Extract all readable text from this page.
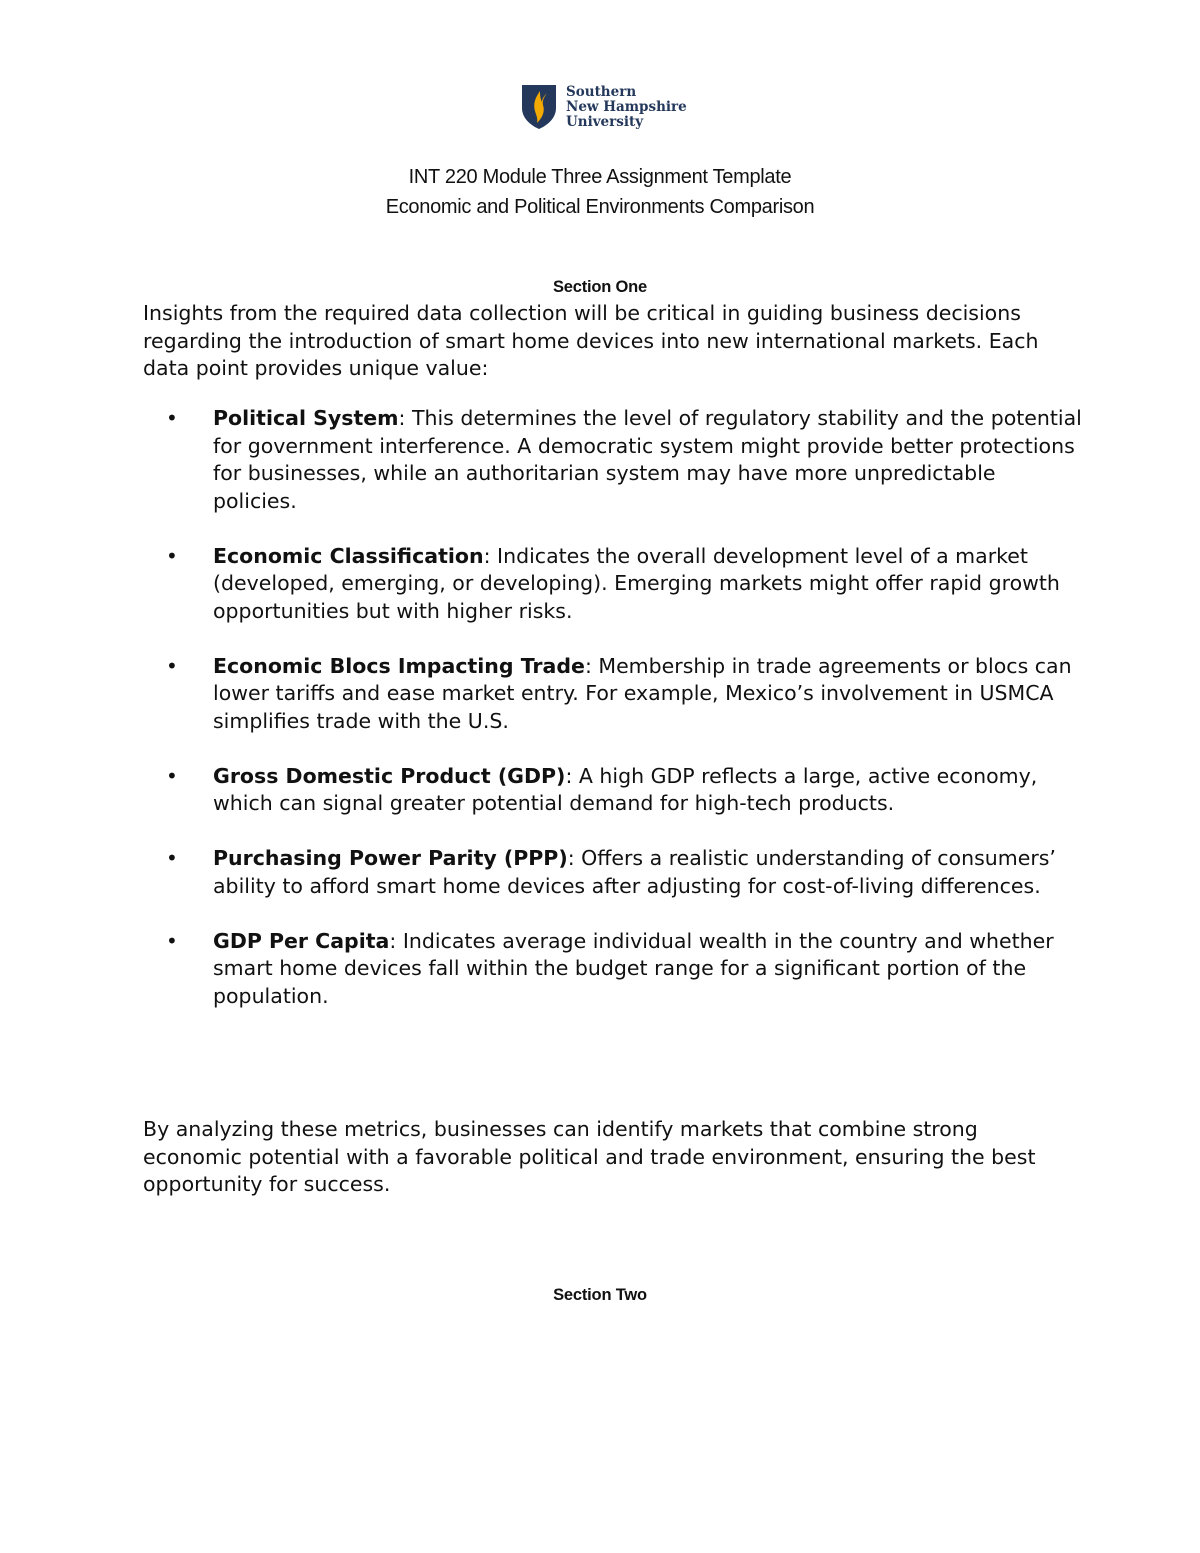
Southern
New Hampshire
University
INT 220 Module Three Assignment Template
Economic and Political Environments Comparison
Section One

Insights from the required data collection will be critical in guiding business decisions regarding the introduction of smart home devices into new international markets. Each data point provides unique value:

• Political System: This determines the level of regulatory stability and the potential for government interference. A democratic system might provide better protections for businesses, while an authoritarian system may have more unpredictable policies.
• Economic Classification: Indicates the overall development level of a market (developed, emerging, or developing). Emerging markets might offer rapid growth opportunities but with higher risks.
• Economic Blocs Impacting Trade: Membership in trade agreements or blocs can lower tariffs and ease market entry. For example, Mexico’s involvement in USMCA simplifies trade with the U.S.
• Gross Domestic Product (GDP): A high GDP reflects a large, active economy, which can signal greater potential demand for high-tech products.
• Purchasing Power Parity (PPP): Offers a realistic understanding of consumers’ ability to afford smart home devices after adjusting for cost-of-living differences.
• GDP Per Capita: Indicates average individual wealth in the country and whether smart home devices fall within the budget range for a significant portion of the population.

By analyzing these metrics, businesses can identify markets that combine strong economic potential with a favorable political and trade environment, ensuring the best opportunity for success.

Section Two
